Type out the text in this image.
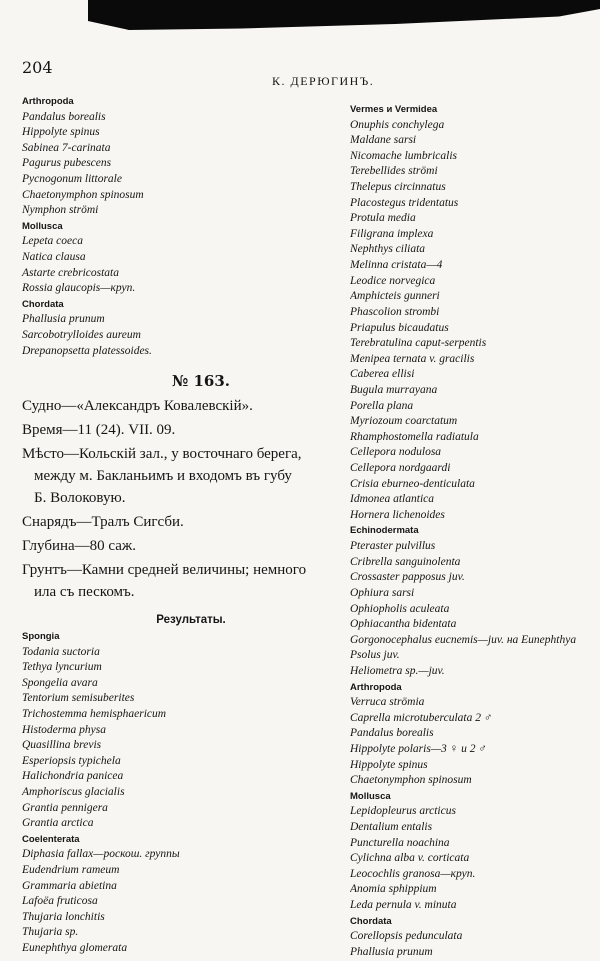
204
К. ДЕРЮГИНЪ.
Arthropoda
Pandalus borealis
Hippolyte spinus
Sabinea 7-carinata
Pagurus pubescens
Pycnogonum littorale
Chaetonymphon spinosum
Nymphon strömi
Mollusca
Lepeta coeca
Natica clausa
Astarte crebricostata
Rossia glaucopis—круп.
Chordata
Phallusia prunum
Sarcobotrylloides aureum
Drepanopsetta platessoides.
№ 163.
Судно—«Александръ Ковалевскій».
Время—11 (24). VII. 09.
Мѣсто—Кольскій зал., у восточнаго берега,
между м. Бакланьимъ и входомъ въ губу
Б. Волоковую.
Снарядъ—Тралъ Сигсби.
Глубина—80 саж.
Грунтъ—Камни средней величины; немного
ила съ пескомъ.
Результаты.
Spongia
Todania suctoria
Tethya lyncurium
Spongelia avara
Tentorium semisuberites
Trichostemma hemisphaericum
Histoderma physa
Quasillina brevis
Esperiopsis typichela
Halichondria panicea
Amphoriscus glacialis
Grantia pennigera
Grantia arctica
Coelenterata
Diphasia fallax—роскош. группы
Eudendrium rameum
Grammaria abietina
Lafoëa fruticosa
Thujaria lonchitis
Thujaria sp.
Eunephthya glomerata
Vermes и Vermidea
Onuphis conchylega
Maldane sarsi
Nicomache lumbricalis
Terebellides strömi
Thelepus circinnatus
Placostegus tridentatus
Protula media
Filigrana implexa
Nephthys ciliata
Melinna cristata—4
Leodice norvegica
Amphicteis gunneri
Phascolion strombi
Priapulus bicaudatus
Terebratulina caput-serpentis
Menipea ternata v. gracilis
Caberea ellisi
Bugula murrayana
Porella plana
Myriozoum coarctatum
Rhamphostomella radiatula
Cellepora nodulosa
Cellepora nordgaardi
Crisia eburneo-denticulata
Idmonea atlantica
Hornera lichenoides
Echinodermata
Pteraster pulvillus
Cribrella sanguinolenta
Crossaster papposus juv.
Ophiura sarsi
Ophiopholis aculeata
Ophiacantha bidentata
Gorgonocephalus eucnemis—juv. на Eunephthya
Psolus juv.
Heliometra sp.—juv.
Arthropoda
Verruca strömia
Caprella microtuberculata 2 ♂
Pandalus borealis
Hippolyte polaris—3 ♀ и 2 ♂
Hippolyte spinus
Chaetonymphon spinosum
Mollusca
Lepidopleurus arcticus
Dentalium entalis
Puncturella noachina
Cylichna alba v. corticata
Leocochlis granosa—круп.
Anomia sphippium
Leda pernula v. minuta
Chordata
Corellopsis pedunculata
Phallusia prunum
